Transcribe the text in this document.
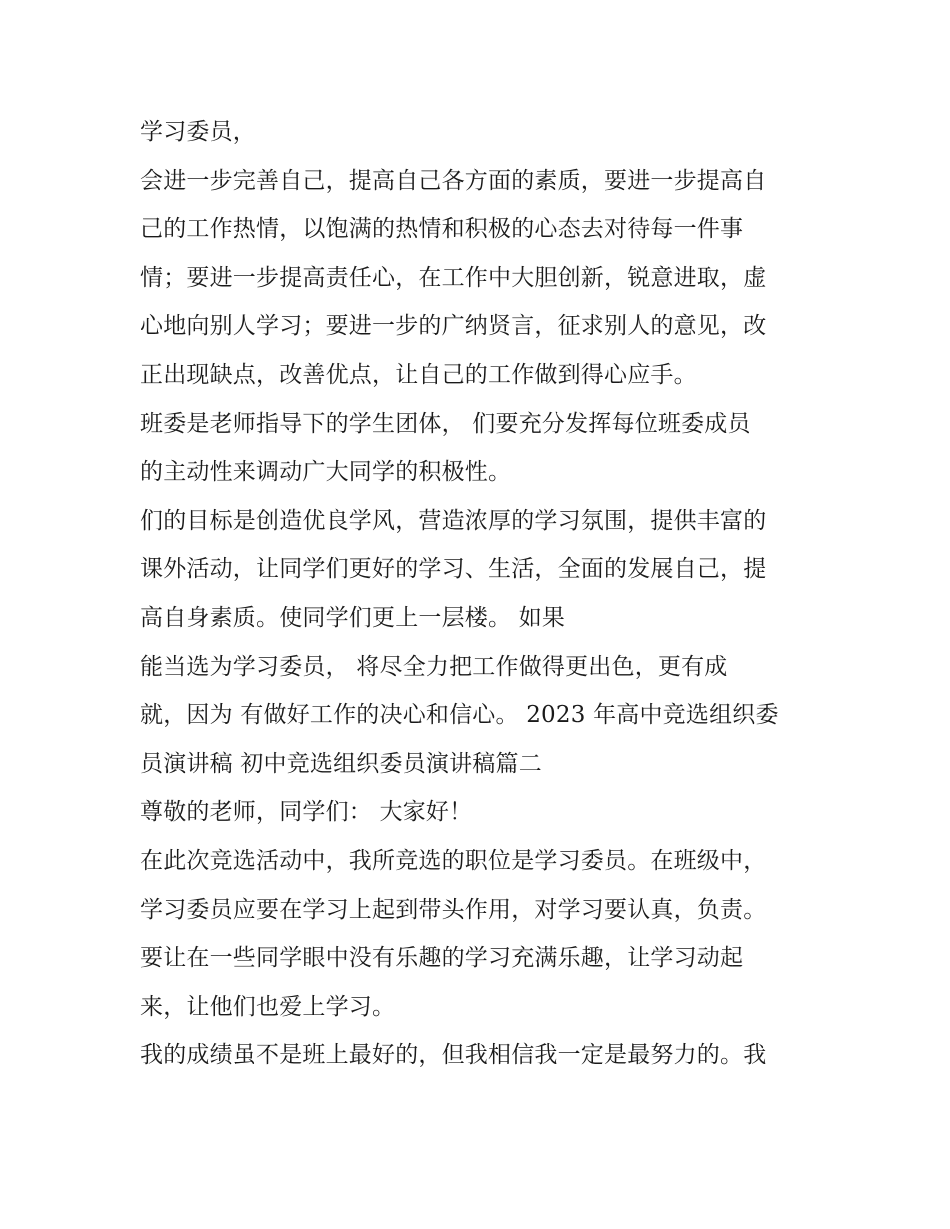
学习委员，
会进一步完善自己，提高自己各方面的素质，要进一步提高自
己的工作热情，以饱满的热情和积极的心态去对待每一件事
情；要进一步提高责任心，在工作中大胆创新，锐意进取，虚
心地向别人学习；要进一步的广纳贤言，征求别人的意见，改
正出现缺点，改善优点，让自己的工作做到得心应手。
班委是老师指导下的学生团体， 们要充分发挥每位班委成员
的主动性来调动广大同学的积极性。
们的目标是创造优良学风，营造浓厚的学习氛围，提供丰富的
课外活动，让同学们更好的学习、生活，全面的发展自己，提
高自身素质。使同学们更上一层楼。 如果
能当选为学习委员， 将尽全力把工作做得更出色，更有成
就，因为 有做好工作的决心和信心。 2023 年高中竞选组织委
员演讲稿 初中竞选组织委员演讲稿篇二
尊敬的老师，同学们： 大家好！
在此次竞选活动中，我所竞选的职位是学习委员。在班级中，
学习委员应要在学习上起到带头作用，对学习要认真，负责。
要让在一些同学眼中没有乐趣的学习充满乐趣，让学习动起
来，让他们也爱上学习。
我的成绩虽不是班上最好的，但我相信我一定是最努力的。我
